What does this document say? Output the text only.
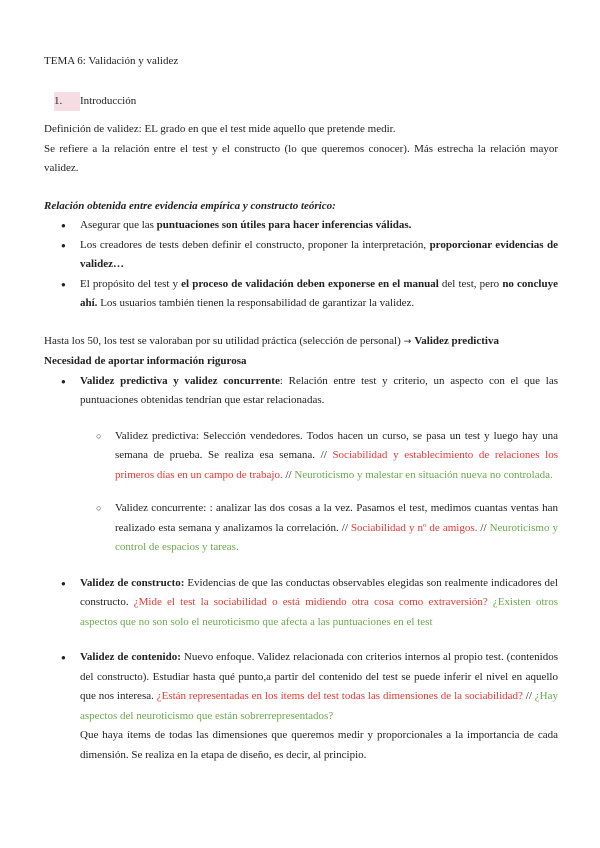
TEMA 6: Validación y validez

1. Introducción

Definición de validez: EL grado en que el test mide aquello que pretende medir.

Se refiere a la relación entre el test y el constructo (lo que queremos conocer). Más estrecha la relación mayor validez.

Relación obtenida entre evidencia empírica y constructo teórico:

● Asegurar que las puntuaciones son útiles para hacer inferencias válidas.
● Los creadores de tests deben definir el constructo, proponer la interpretación, proporcionar evidencias de validez…
● El propósito del test y el proceso de validación deben exponerse en el manual del test, pero no concluye ahí. Los usuarios también tienen la responsabilidad de garantizar la validez.

Hasta los 50, los test se valoraban por su utilidad práctica (selección de personal) → Validez predictiva

Necesidad de aportar información rigurosa

● Validez predictiva y validez concurrente: Relación entre test y criterio, un aspecto con el que las puntuaciones obtenidas tendrían que estar relacionadas.
○ Validez predictiva: Selección vendedores. Todos hacen un curso, se pasa un test y luego hay una semana de prueba. Se realiza esa semana. // Sociabilidad y establecimiento de relaciones los primeros días en un campo de trabajo. // Neuroticismo y malestar en situación nueva no controlada.
○ Validez concurrente: : analizar las dos cosas a la vez. Pasamos el test, medimos cuantas ventas han realizado esta semana y analizamos la correlación. // Sociabilidad y nº de amigos. // Neuroticismo y control de espacios y tareas.
● Validez de constructo: Evidencias de que las conductas observables elegidas son realmente indicadores del constructo. ¿Mide el test la sociabilidad o está midiendo otra cosa como extraversión? ¿Existen otros aspectos que no son solo el neuroticismo que afecta a las puntuaciones en el test
● Validez de contenido: Nuevo enfoque. Validez relacionada con criterios internos al propio test. (contenidos del constructo). Estudiar hasta qué punto,a partir del contenido del test se puede inferir el nivel en aquello que nos interesa. ¿Están representadas en los ítems del test todas las dimensiones de la sociabilidad? // ¿Hay aspectos del neuroticismo que están sobrerrepresentados?

Que haya ítems de todas las dimensiones que queremos medir y proporcionales a la importancia de cada dimensión. Se realiza en la etapa de diseño, es decir, al principio.
